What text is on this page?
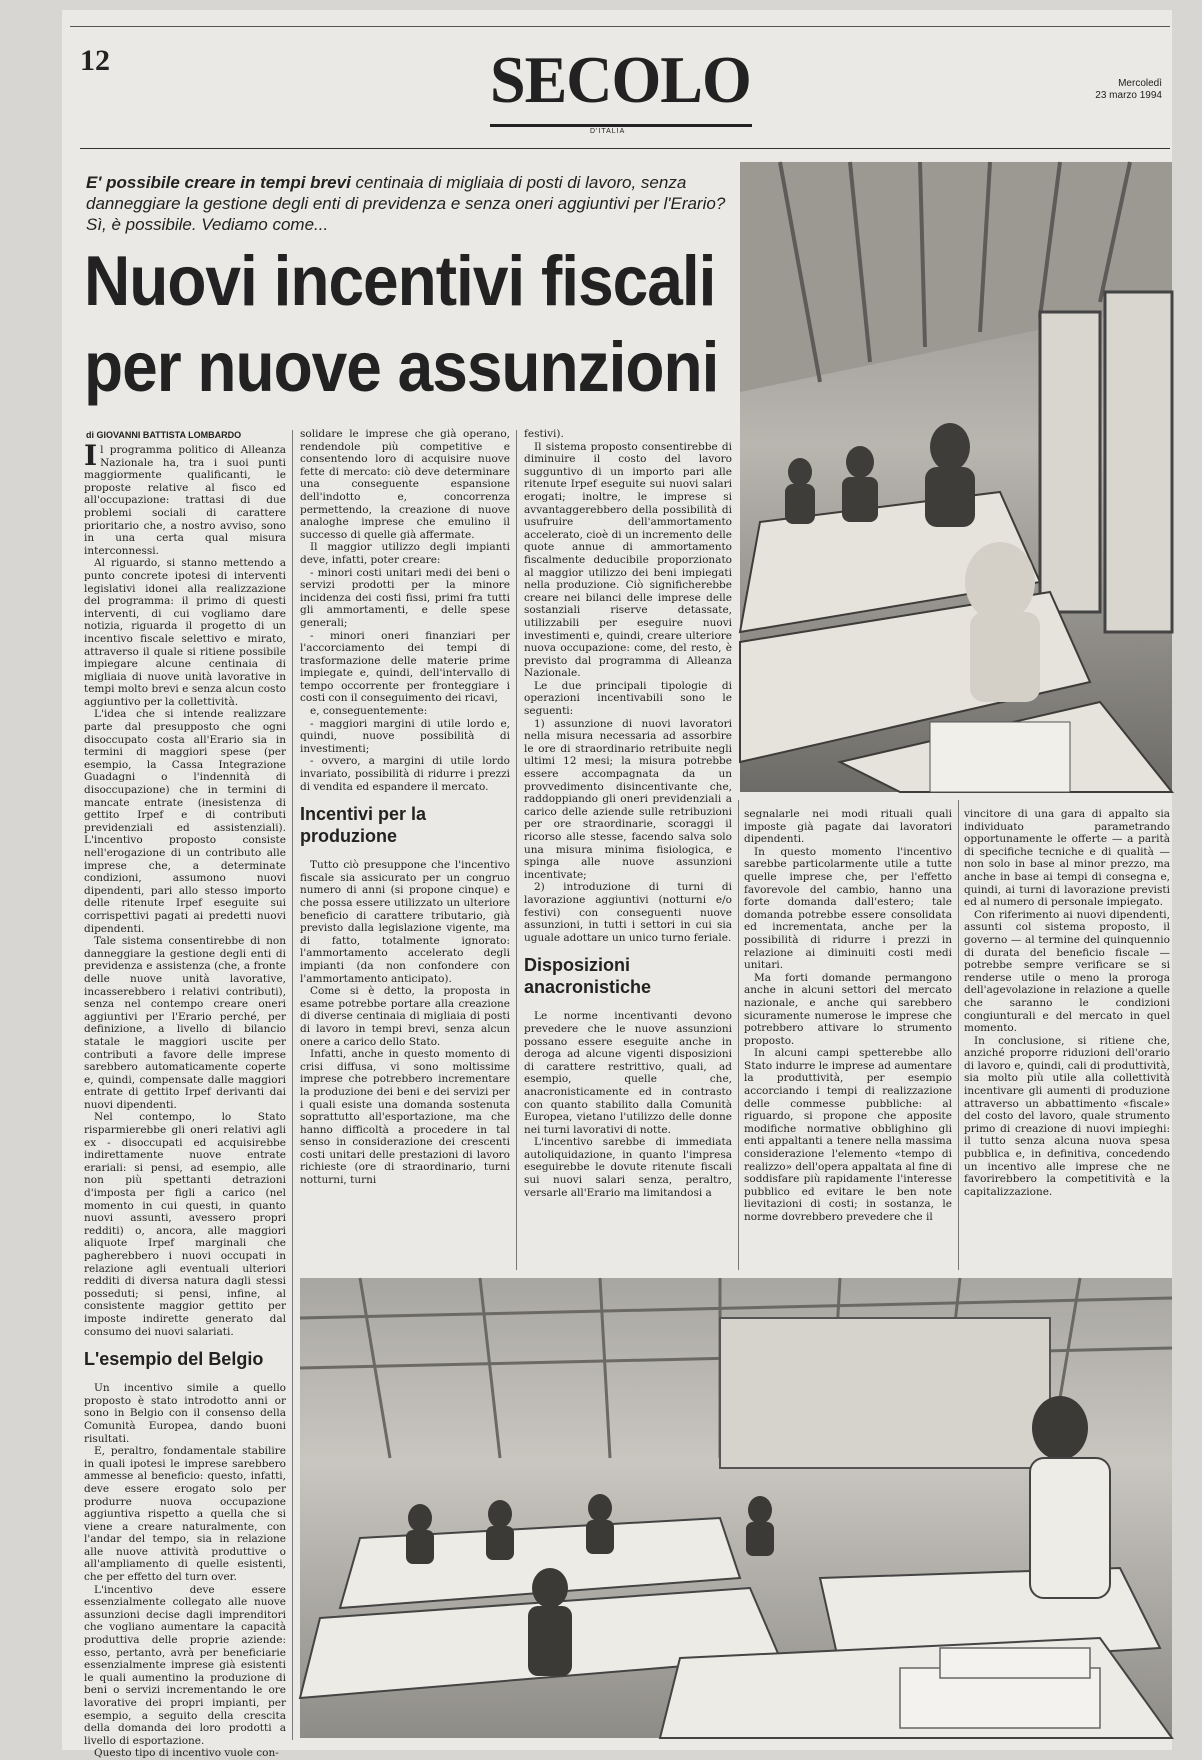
12	SECOLO
D'ITALIA
Mercoledì
23 marzo 1994
E' possibile creare in tempi brevi centinaia di migliaia di posti di lavoro, senza danneggiare la gestione degli enti di previdenza e senza oneri aggiuntivi per l'Erario? Sì, è possibile. Vediamo come...
Nuovi incentivi fiscali
per nuove assunzioni
di GIOVANNI BATTISTA LOMBARDO

Il programma politico di Alleanza Nazionale ha, tra i suoi punti maggiormente qualificanti, le proposte relative al fisco ed all'occupazione: trattasi di due problemi sociali di carattere prioritario che, a nostro avviso, sono in una certa qual misura interconnessi.

Al riguardo, si stanno mettendo a punto concrete ipotesi di interventi legislativi idonei alla realizzazione del programma: il primo di questi interventi, di cui vogliamo dare notizia, riguarda il progetto di un incentivo fiscale selettivo e mirato, attraverso il quale si ritiene possibile impiegare alcune centinaia di migliaia di nuove unità lavorative in tempi molto brevi e senza alcun costo aggiuntivo per la collettività.

L'idea che si intende realizzare parte dal presupposto che ogni disoccupato costa all'Erario sia in termini di maggiori spese (per esempio, la Cassa Integrazione Guadagni o l'indennità di disoccupazione) che in termini di mancate entrate (inesistenza di gettito Irpef e di contributi previdenziali ed assistenziali). L'incentivo proposto consiste nell'erogazione di un contributo alle imprese che, a determinate condizioni, assumono nuovi dipendenti, pari allo stesso importo delle ritenute Irpef eseguite sui corrispettivi pagati ai predetti nuovi dipendenti.

Tale sistema consentirebbe di non danneggiare la gestione degli enti di previdenza e assistenza (che, a fronte delle nuove unità lavorative, incasserebbero i relativi contributi), senza nel contempo creare oneri aggiuntivi per l'Erario perché, per definizione, a livello di bilancio statale le maggiori uscite per contributi a favore delle imprese sarebbero automaticamente coperte e, quindi, compensate dalle maggiori entrate di gettito Irpef derivanti dai nuovi dipendenti.

Nel contempo, lo Stato risparmierebbe gli oneri relativi agli ex - disoccupati ed acquisirebbe indirettamente nuove entrate erariali: si pensi, ad esempio, alle non più spettanti detrazioni d'imposta per figli a carico (nel momento in cui questi, in quanto nuovi assunti, avessero propri redditi) o, ancora, alle maggiori aliquote Irpef marginali che pagherebbero i nuovi occupati in relazione agli eventuali ulteriori redditi di diversa natura dagli stessi posseduti; si pensi, infine, al consistente maggior gettito per imposte indirette generato dal consumo dei nuovi salariati.

L'esempio del Belgio

Un incentivo simile a quello proposto è stato introdotto anni or sono in Belgio con il consenso della Comunità Europea, dando buoni risultati.

E, peraltro, fondamentale stabilire in quali ipotesi le imprese sarebbero ammesse al beneficio: questo, infatti, deve essere erogato solo per produrre nuova occupazione aggiuntiva rispetto a quella che si viene a creare naturalmente, con l'andar del tempo, sia in relazione alle nuove attività produttive o all'ampliamento di quelle esistenti, che per effetto del turn over.

L'incentivo deve essere essenzialmente collegato alle nuove assunzioni decise dagli imprenditori che vogliano aumentare la capacità produttiva delle proprie aziende: esso, pertanto, avrà per beneficiarie essenzialmente imprese già esistenti le quali aumentino la produzione di beni o servizi incrementando le ore lavorative dei propri impianti, per esempio, a seguito della crescita della domanda dei loro prodotti a livello di esportazione.

Questo tipo di incentivo vuole con-

solidare le imprese che già operano, rendendole più competitive e consentendo loro di acquisire nuove fette di mercato: ciò deve determinare una conseguente espansione dell'indotto e, concorrenza permettendo, la creazione di nuove analoghe imprese che emulino il successo di quelle già affermate.

Il maggior utilizzo degli impianti deve, infatti, poter creare:

- minori costi unitari medi dei beni o servizi prodotti per la minore incidenza dei costi fissi, primi fra tutti gli ammortamenti, e delle spese generali;

- minori oneri finanziari per l'accorciamento dei tempi di trasformazione delle materie prime impiegate e, quindi, dell'intervallo di tempo occorrente per fronteggiare i costi con il conseguimento dei ricavi,

e, conseguentemente:

- maggiori margini di utile lordo e, quindi, nuove possibilità di investimenti;

- ovvero, a margini di utile lordo invariato, possibilità di ridurre i prezzi di vendita ed espandere il mercato.

Incentivi per la produzione

Tutto ciò presuppone che l'incentivo fiscale sia assicurato per un congruo numero di anni (si propone cinque) e che possa essere utilizzato un ulteriore beneficio di carattere tributario, già previsto dalla legislazione vigente, ma di fatto, totalmente ignorato: l'ammortamento accelerato degli impianti (da non confondere con l'ammortamento anticipato).

Come si è detto, la proposta in esame potrebbe portare alla creazione di diverse centinaia di migliaia di posti di lavoro in tempi brevi, senza alcun onere a carico dello Stato.

Infatti, anche in questo momento di crisi diffusa, vi sono moltissime imprese che potrebbero incrementare la produzione dei beni e dei servizi per i quali esiste una domanda sostenuta soprattutto all'esportazione, ma che hanno difficoltà a procedere in tal senso in considerazione dei crescenti costi unitari delle prestazioni di lavoro richieste (ore di straordinario, turni notturni, turni

festivi).

Il sistema proposto consentirebbe di diminuire il costo del lavoro sugguntivo di un importo pari alle ritenute Irpef eseguite sui nuovi salari erogati; inoltre, le imprese si avvantaggerebbero della possibilità di usufruire dell'ammortamento accelerato, cioè di un incremento delle quote annue di ammortamento fiscalmente deducibile proporzionato al maggior utilizzo dei beni impiegati nella produzione. Ciò significherebbe creare nei bilanci delle imprese delle sostanziali riserve detassate, utilizzabili per eseguire nuovi investimenti e, quindi, creare ulteriore nuova occupazione: come, del resto, è previsto dal programma di Alleanza Nazionale.

Le due principali tipologie di operazioni incentivabili sono le seguenti:

1) assunzione di nuovi lavoratori nella misura necessaria ad assorbire le ore di straordinario retribuite negli ultimi 12 mesi; la misura potrebbe essere accompagnata da un provvedimento disincentivante che, raddoppiando gli oneri previdenziali a carico delle aziende sulle retribuzioni per ore straordinarie, scoraggi il ricorso alle stesse, facendo salva solo una misura minima fisiologica, e spinga alle nuove assunzioni incentivate;

2) introduzione di turni di lavorazione aggiuntivi (notturni e/o festivi) con conseguenti nuove assunzioni, in tutti i settori in cui sia uguale adottare un unico turno feriale.

Disposizioni anacronistiche

Le norme incentivanti devono prevedere che le nuove assunzioni possano essere eseguite anche in deroga ad alcune vigenti disposizioni di carattere restrittivo, quali, ad esempio, quelle che, anacronisticamente ed in contrasto con quanto stabilito dalla Comunità Europea, vietano l'utilizzo delle donne nei turni lavorativi di notte.

L'incentivo sarebbe di immediata autoliquidazione, in quanto l'impresa eseguirebbe le dovute ritenute fiscali sui nuovi salari senza, peraltro, versarle all'Erario ma limitandosi a

segnalarle nei modi rituali quali imposte già pagate dai lavoratori dipendenti.

In questo momento l'incentivo sarebbe particolarmente utile a tutte quelle imprese che, per l'effetto favorevole del cambio, hanno una forte domanda dall'estero; tale domanda potrebbe essere consolidata ed incrementata, anche per la possibilità di ridurre i prezzi in relazione ai diminuiti costi medi unitari.

Ma forti domande permangono anche in alcuni settori del mercato nazionale, e anche qui sarebbero sicuramente numerose le imprese che potrebbero attivare lo strumento proposto.

In alcuni campi spetterebbe allo Stato indurre le imprese ad aumentare la produttività, per esempio accorciando i tempi di realizzazione delle commesse pubbliche: al riguardo, si propone che apposite modifiche normative obblighino gli enti appaltanti a tenere nella massima considerazione l'elemento «tempo di realizzo» dell'opera appaltata al fine di soddisfare più rapidamente l'interesse pubblico ed evitare le ben note lievitazioni di costi; in sostanza, le norme dovrebbero prevedere che il

vincitore di una gara di appalto sia individuato parametrando opportunamente le offerte — a parità di specifiche tecniche e di qualità — non solo in base al minor prezzo, ma anche in base ai tempi di consegna e, quindi, ai turni di lavorazione previsti ed al numero di personale impiegato.

Con riferimento ai nuovi dipendenti, assunti col sistema proposto, il governo — al termine del quinquennio di durata del beneficio fiscale — potrebbe sempre verificare se si renderse utile o meno la proroga dell'agevolazione in relazione a quelle che saranno le condizioni congiunturali e del mercato in quel momento.

In conclusione, si ritiene che, anziché proporre riduzioni dell'orario di lavoro e, quindi, cali di produttività, sia molto più utile alla collettività incentivare gli aumenti di produzione attraverso un abbattimento «fiscale» del costo del lavoro, quale strumento primo di creazione di nuovi impieghi: il tutto senza alcuna nuova spesa pubblica e, in definitiva, concedendo un incentivo alle imprese che ne favorirebbero la competitività e la capitalizzazione.
